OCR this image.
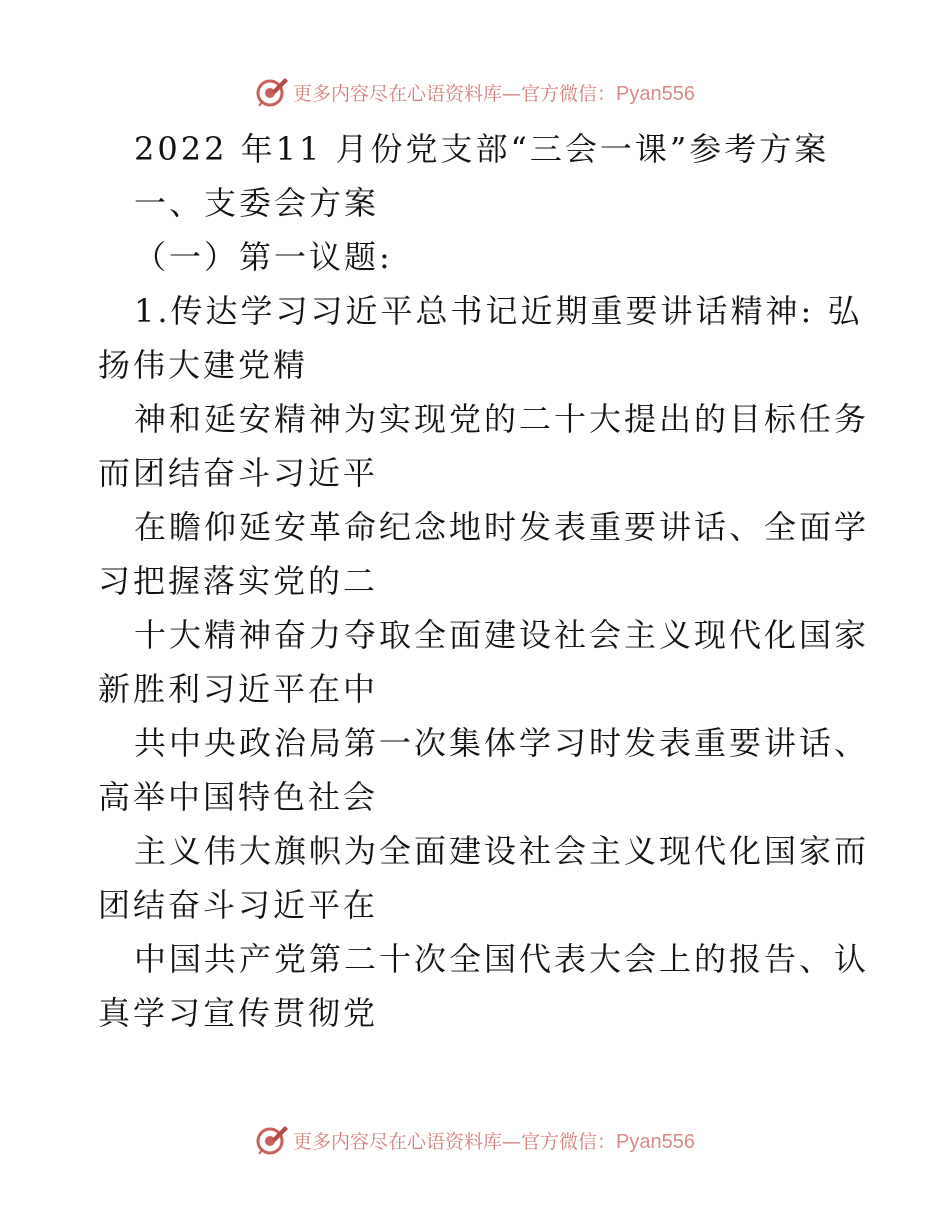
更多内容尽在心语资料库—官方微信：Pyan556
2022 年11 月份党支部“三会一课”参考方案
一、支委会方案
（一）第一议题:
1.传达学习习近平总书记近期重要讲话精神: 弘
扬伟大建党精
神和延安精神为实现党的二十大提出的目标任务
而团结奋斗习近平
在瞻仰延安革命纪念地时发表重要讲话、全面学
习把握落实党的二
十大精神奋力夺取全面建设社会主义现代化国家
新胜利习近平在中
共中央政治局第一次集体学习时发表重要讲话、
高举中国特色社会
主义伟大旗帜为全面建设社会主义现代化国家而
团结奋斗习近平在
中国共产党第二十次全国代表大会上的报告、认
真学习宣传贯彻党
更多内容尽在心语资料库—官方微信：Pyan556
